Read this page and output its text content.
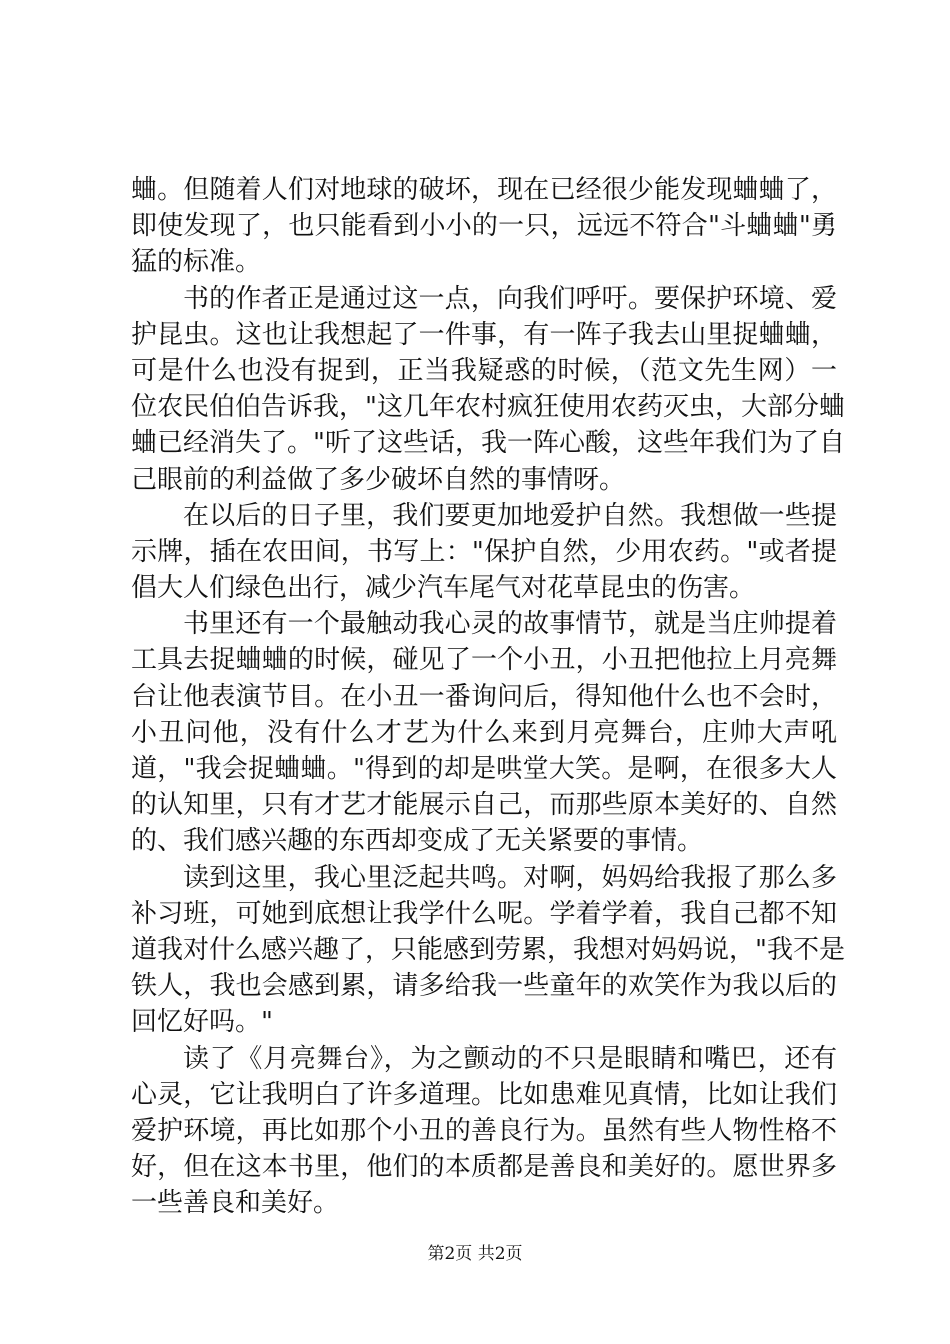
蛐。但随着人们对地球的破坏，现在已经很少能发现蛐蛐了，
即使发现了，也只能看到小小的一只，远远不符合"斗蛐蛐"勇
猛的标准。
书的作者正是通过这一点，向我们呼吁。要保护环境、爱
护昆虫。这也让我想起了一件事，有一阵子我去山里捉蛐蛐，
可是什么也没有捉到，正当我疑惑的时候，（范文先生网）一
位农民伯伯告诉我，"这几年农村疯狂使用农药灭虫，大部分蛐
蛐已经消失了。"听了这些话，我一阵心酸，这些年我们为了自
己眼前的利益做了多少破坏自然的事情呀。
在以后的日子里，我们要更加地爱护自然。我想做一些提
示牌，插在农田间，书写上："保护自然，少用农药。"或者提
倡大人们绿色出行，减少汽车尾气对花草昆虫的伤害。
书里还有一个最触动我心灵的故事情节，就是当庄帅提着
工具去捉蛐蛐的时候，碰见了一个小丑，小丑把他拉上月亮舞
台让他表演节目。在小丑一番询问后，得知他什么也不会时，
小丑问他，没有什么才艺为什么来到月亮舞台，庄帅大声吼
道，"我会捉蛐蛐。"得到的却是哄堂大笑。是啊，在很多大人
的认知里，只有才艺才能展示自己，而那些原本美好的、自然
的、我们感兴趣的东西却变成了无关紧要的事情。
读到这里，我心里泛起共鸣。对啊，妈妈给我报了那么多
补习班，可她到底想让我学什么呢。学着学着，我自己都不知
道我对什么感兴趣了，只能感到劳累，我想对妈妈说，"我不是
铁人，我也会感到累，请多给我一些童年的欢笑作为我以后的
回忆好吗。"
读了《月亮舞台》，为之颤动的不只是眼睛和嘴巴，还有
心灵，它让我明白了许多道理。比如患难见真情，比如让我们
爱护环境，再比如那个小丑的善良行为。虽然有些人物性格不
好，但在这本书里，他们的本质都是善良和美好的。愿世界多
一些善良和美好。
第2页 共2页
